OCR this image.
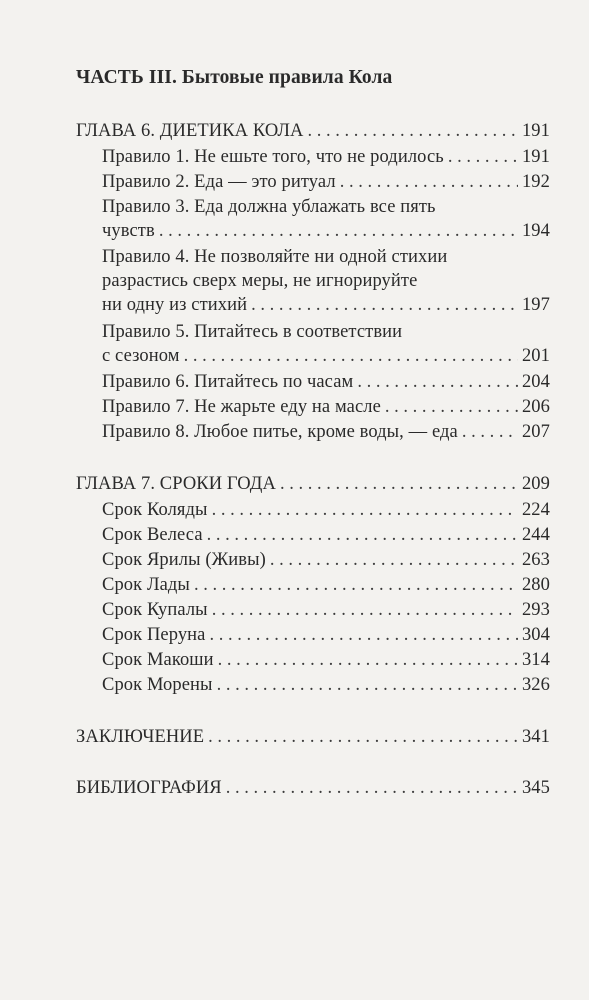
ЧАСТЬ III. Бытовые правила Кола
ГЛАВА 6. ДИЕТИКА КОЛА . . .	191
Правило 1. Не ешьте того, что не родилось . . .	191
Правило 2. Еда — это ритуал . . .	192
Правило 3. Еда должна ублажать все пять
чувств . . .	194
Правило 4. Не позволяйте ни одной стихии
разрастись сверх меры, не игнорируйте
ни одну из стихий . . .	197
Правило 5. Питайтесь в соответствии
с сезоном . . .	201
Правило 6. Питайтесь по часам . . .	204
Правило 7. Не жарьте еду на масле . . .	206
Правило 8. Любое питье, кроме воды, — еда . . .	207
ГЛАВА 7. СРОКИ ГОДА . . .	209
Срок Коляды . . .	224
Срок Велеса . . .	244
Срок Ярилы (Живы) . . .	263
Срок Лады . . .	280
Срок Купалы . . .	293
Срок Перуна . . .	304
Срок Макоши . . .	314
Срок Морены . . .	326
ЗАКЛЮЧЕНИЕ . . .	341
БИБЛИОГРАФИЯ . . .	345
